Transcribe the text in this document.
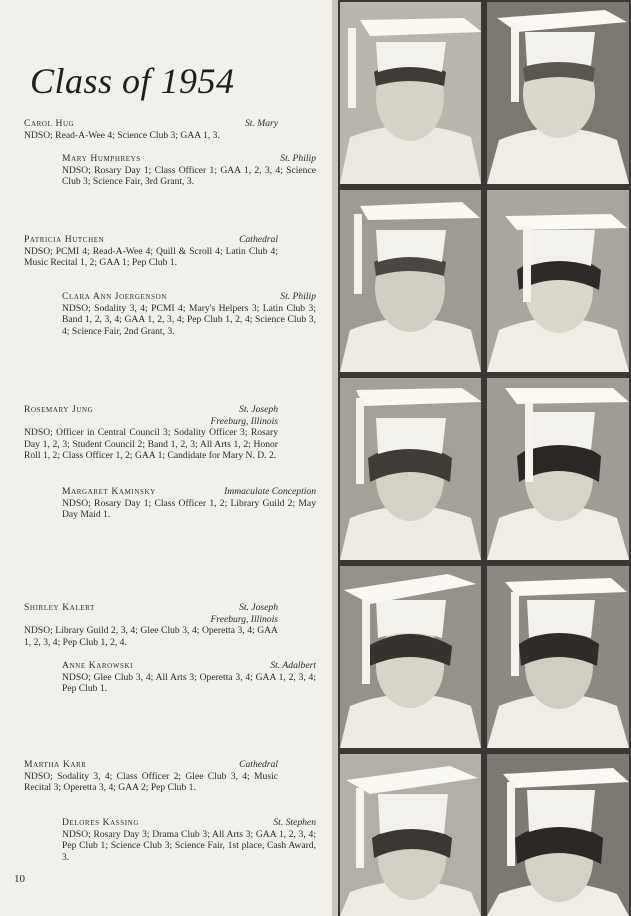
Class of 1954
Carol Hug	St. Mary
NDSO; Read-A-Wee 4; Science Club 3; GAA 1, 3.
Mary Humphreys	St. Philip
NDSO; Rosary Day 1; Class Officer 1; GAA 1, 2, 3, 4; Science Club 3; Science Fair, 3rd Grant, 3.
Patricia Hutchen	Cathedral
NDSO; PCMI 4; Read-A-Wee 4; Quill & Scroll 4; Latin Club 4; Music Recital 1, 2; GAA 1; Pep Club 1.
Clara Ann Joergenson	St. Philip
NDSO; Sodality 3, 4; PCMI 4; Mary's Helpers 3; Latin Club 3; Band 1, 2, 3, 4; GAA 1, 2, 3, 4; Pep Club 1, 2, 4; Science Club 3, 4; Science Fair, 2nd Grant, 3.
Rosemary Jung	St. Joseph
Freeburg, Illinois
NDSO; Officer in Central Council 3; Sodality Officer 3; Rosary Day 1, 2, 3; Student Council 2; Band 1, 2, 3; All Arts 1, 2; Honor Roll 1, 2; Class Officer 1, 2; GAA 1; Candidate for Mary N. D. 2.
Margaret Kaminsky	Immaculate Conception
NDSO; Rosary Day 1; Class Officer 1, 2; Library Guild 2; May Day Maid 1.
Shirley Kalert	St. Joseph
Freeburg, Illinois
NDSO; Library Guild 2, 3, 4; Glee Club 3, 4; Operetta 3, 4; GAA 1, 2, 3, 4; Pep Club 1, 2, 4.
Anne Karowski	St. Adalbert
NDSO; Glee Club 3, 4; All Arts 3; Operetta 3, 4; GAA 1, 2, 3, 4; Pep Club 1.
Martha Karr	Cathedral
NDSO; Sodality 3, 4; Class Officer 2; Glee Club 3, 4; Music Recital 3; Operetta 3, 4; GAA 2; Pep Club 1.
Delores Kassing	St. Stephen
NDSO; Rosary Day 3; Drama Club 3; All Arts 3; GAA 1, 2, 3, 4; Pep Club 1; Science Club 3; Science Fair, 1st place, Cash Award, 3.
10
